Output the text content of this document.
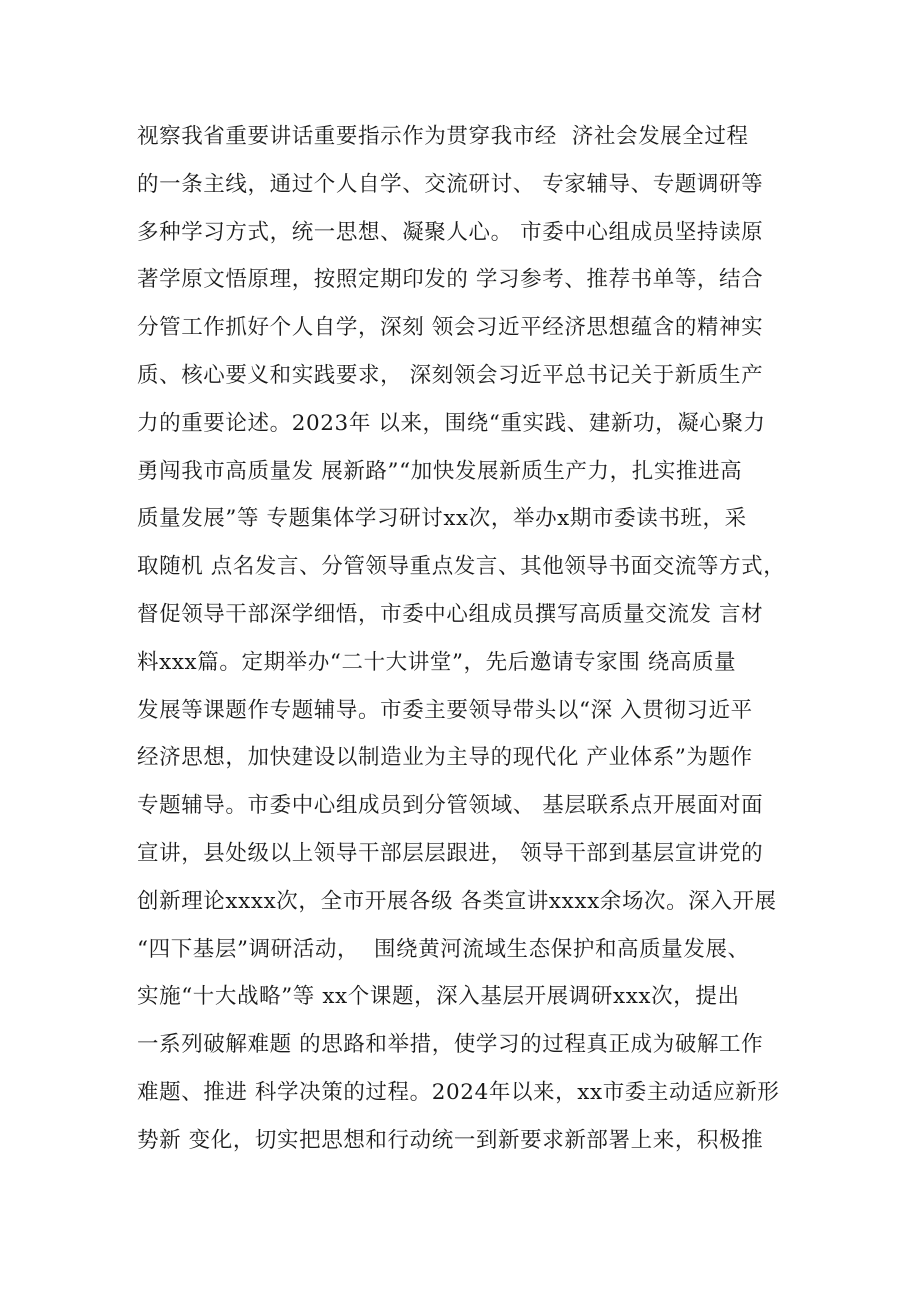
视察我省重要讲话重要指示作为贯穿我市经  济社会发展全过程
的一条主线，通过个人自学、交流研讨、 专家辅导、专题调研等
多种学习方式，统一思想、凝聚人心。 市委中心组成员坚持读原
著学原文悟原理，按照定期印发的 学习参考、推荐书单等，结合
分管工作抓好个人自学，深刻 领会习近平经济思想蕴含的精神实
质、核心要义和实践要求， 深刻领会习近平总书记关于新质生产
力的重要论述。2023年 以来，围绕“重实践、建新功，凝心聚力
勇闯我市高质量发 展新路”“加快发展新质生产力，扎实推进高
质量发展”等 专题集体学习研讨xx次，举办x期市委读书班，采
取随机 点名发言、分管领导重点发言、其他领导书面交流等方式，
督促领导干部深学细悟，市委中心组成员撰写高质量交流发 言材
料xxx篇。定期举办“二十大讲堂”，先后邀请专家围 绕高质量
发展等课题作专题辅导。市委主要领导带头以“深 入贯彻习近平
经济思想，加快建设以制造业为主导的现代化 产业体系”为题作
专题辅导。市委中心组成员到分管领域、 基层联系点开展面对面
宣讲，县处级以上领导干部层层跟进， 领导干部到基层宣讲党的
创新理论xxxx次，全市开展各级 各类宣讲xxxx余场次。深入开展
“四下基层”调研活动，  围绕黄河流域生态保护和高质量发展、
实施“十大战略”等 xx个课题，深入基层开展调研xxx次，提出
一系列破解难题 的思路和举措，使学习的过程真正成为破解工作
难题、推进 科学决策的过程。2024年以来，xx市委主动适应新形
势新 变化，切实把思想和行动统一到新要求新部署上来，积极推
